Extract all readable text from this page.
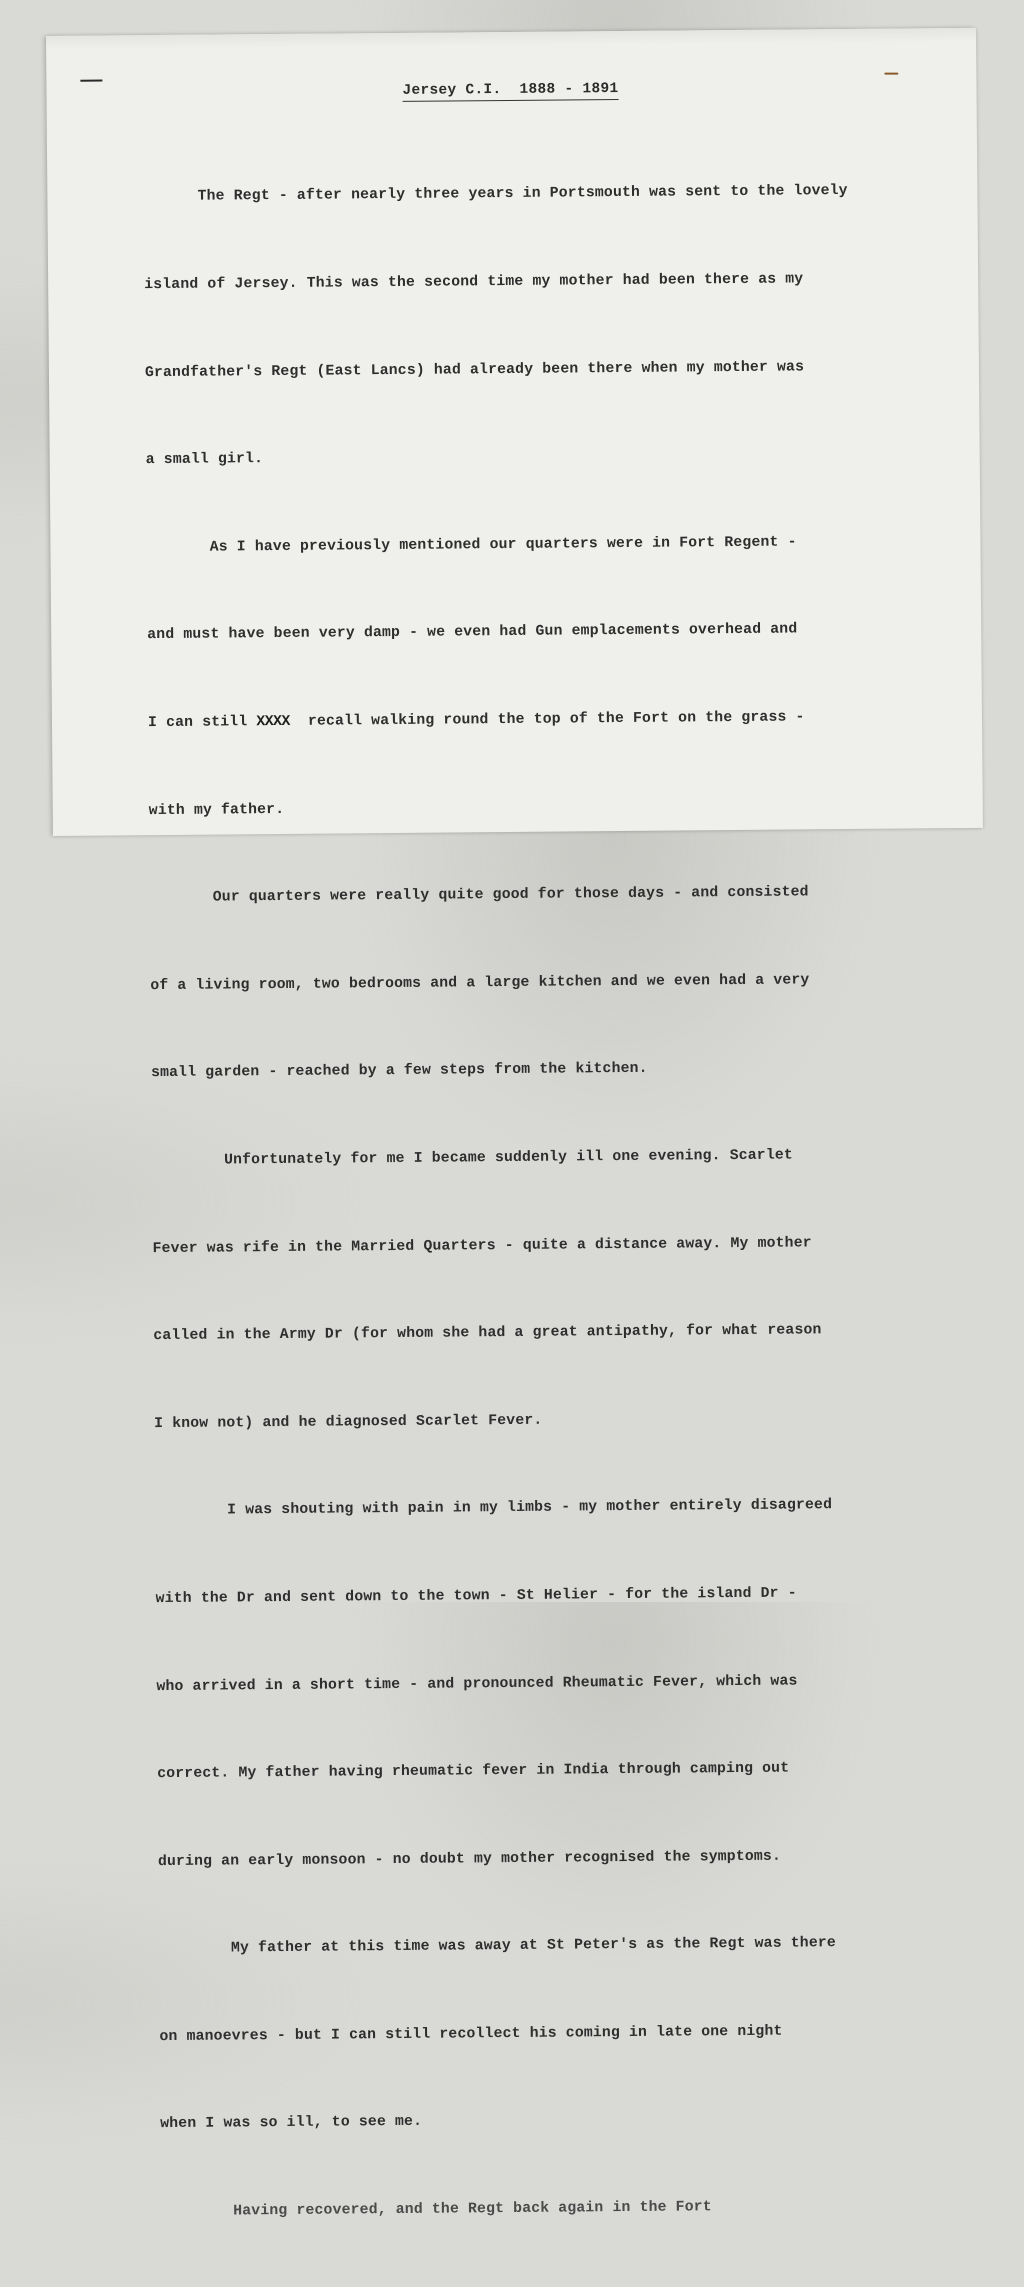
Jersey C.I.  1888 - 1891

The Regt - after nearly three years in Portsmouth was sent to the lovely

island of Jersey. This was the second time my mother had been there as my

Grandfather's Regt (East Lancs) had already been there when my mother was

a small girl.

As I have previously mentioned our quarters were in Fort Regent -

and must have been very damp - we even had Gun emplacements overhead and

I can still XXXX  recall walking round the top of the Fort on the grass -

with my father.

Our quarters were really quite good for those days - and consisted

of a living room, two bedrooms and a large kitchen and we even had a very

small garden - reached by a few steps from the kitchen.

Unfortunately for me I became suddenly ill one evening. Scarlet

Fever was rife in the Married Quarters - quite a distance away. My mother

called in the Army Dr (for whom she had a great antipathy, for what reason

I know not) and he diagnosed Scarlet Fever.

I was shouting with pain in my limbs - my mother entirely disagreed

with the Dr and sent down to the town - St Helier - for the island Dr -

who arrived in a short time - and pronounced Rheumatic Fever, which was

correct. My father having rheumatic fever in India through camping out

during an early monsoon - no doubt my mother recognised the symptoms.

My father at this time was away at St Peter's as the Regt was there

on manoevres - but I can still recollect his coming in late one night

when I was so ill, to see me.

Having recovered, and the Regt back again in the Fort
